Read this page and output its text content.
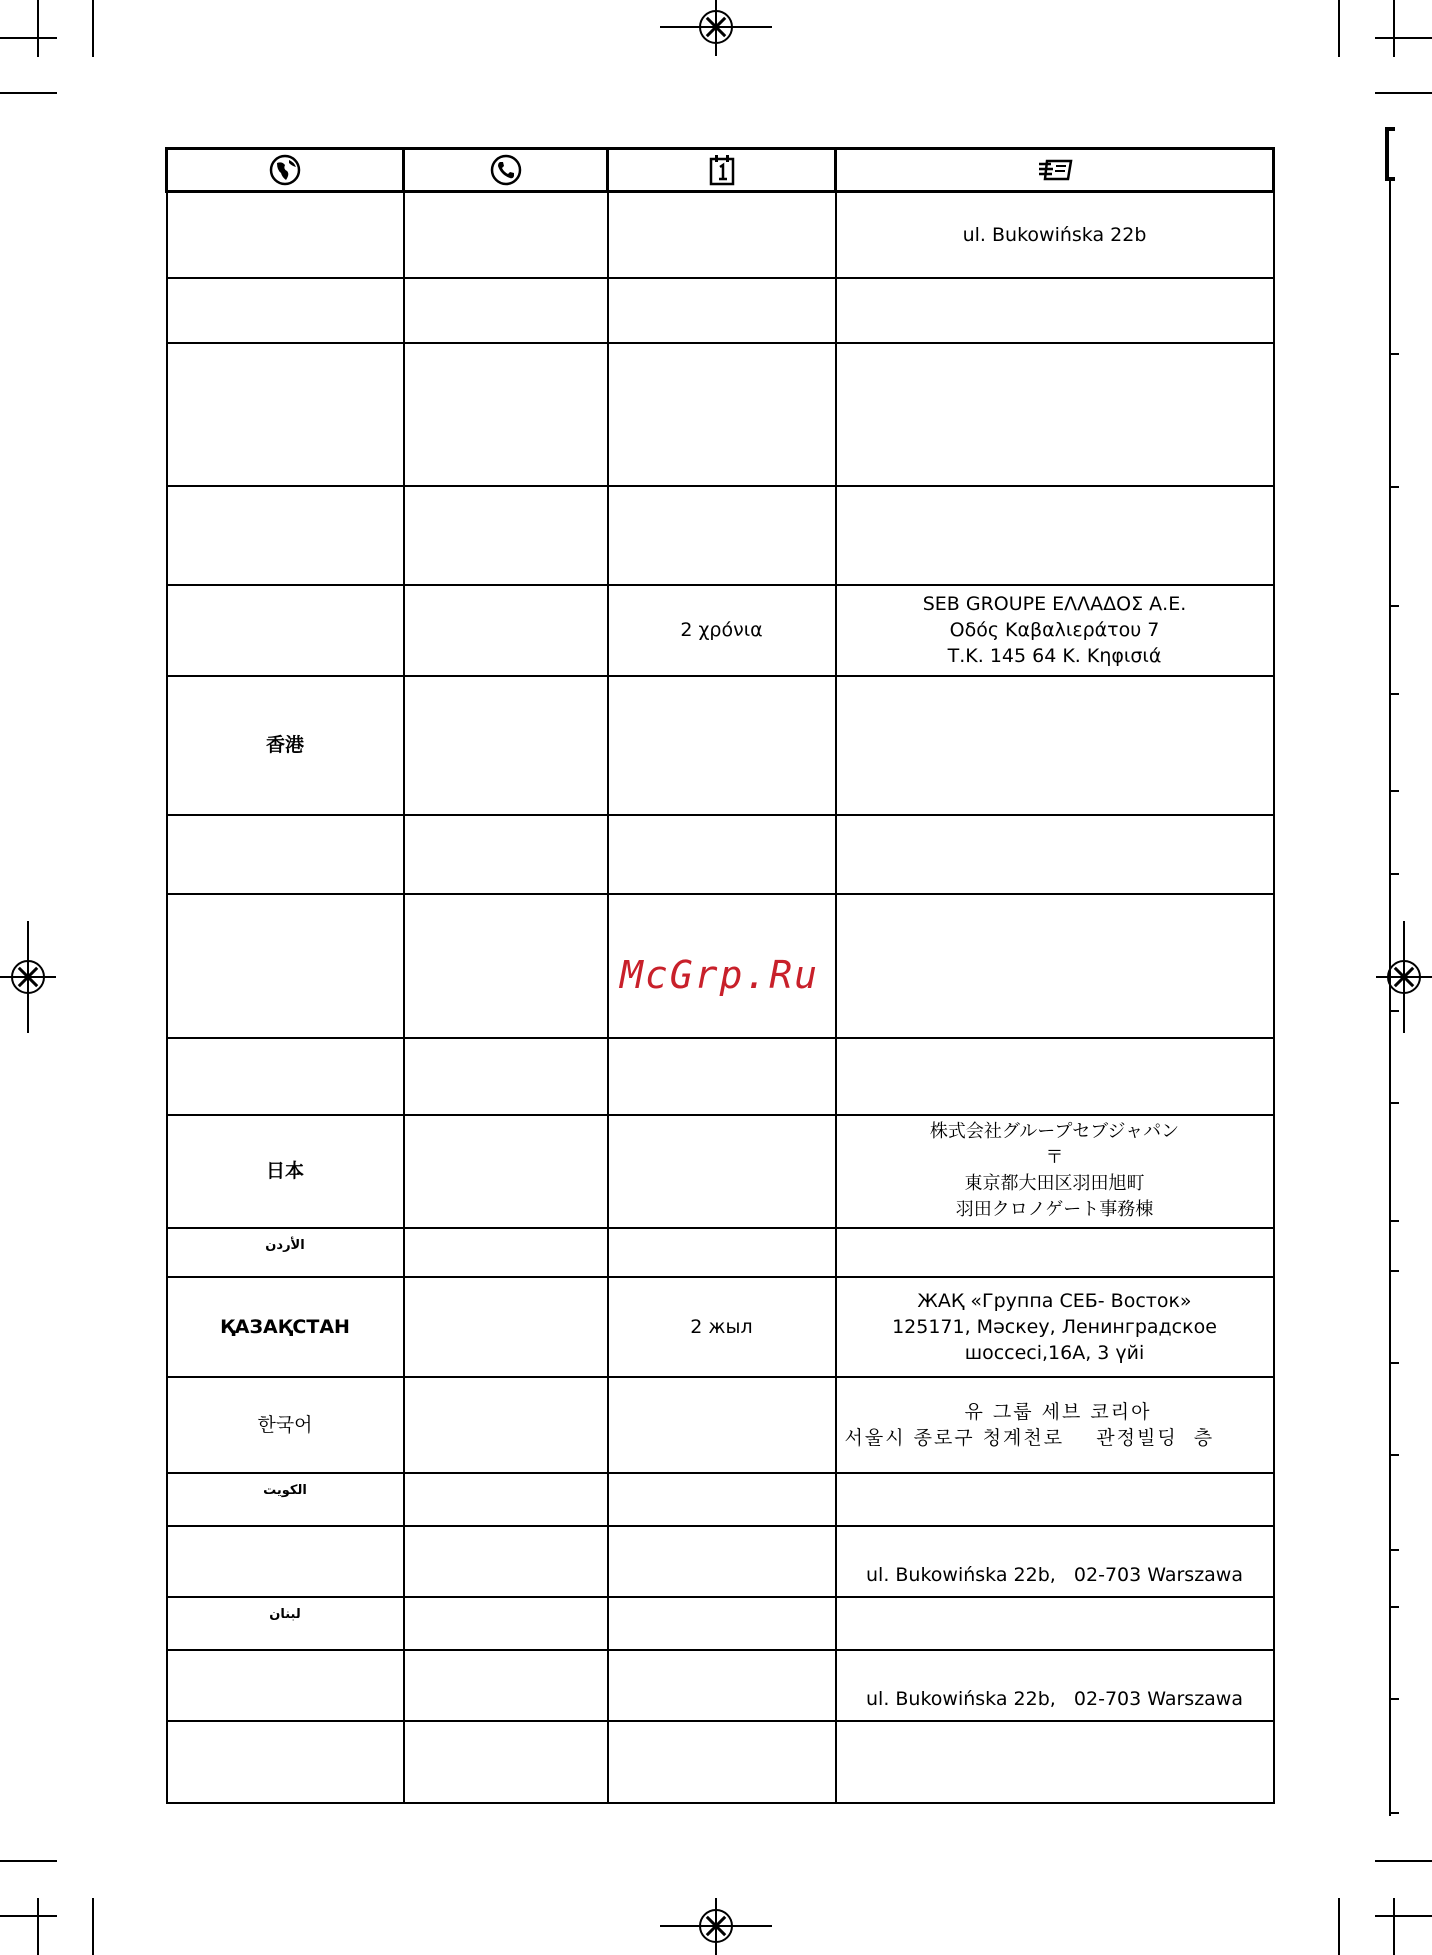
			ul. Bukowińska 22b

		2 χρόνια	SEB GROUPE ΕΛΛΑΔΟΣ Α.Ε.
Οδός Καβαλιεράτου 7
Τ.Κ. 145 64 Κ. Κηφισιά

香港			

日本			株式会社グループセブジャパン
〒
東京都大田区羽田旭町
羽田クロノゲート事務棟

الأردن			
ҚАЗАҚСТАН		2 жыл	ЖАҚ «Группа СЕБ- Восток»
125171, Мәскеу, Ленинградское
шоссесі,16А, 3 үйі

한국어			유 그룹 세브 코리아
서울시 종로구 청계천로    관정빌딩  층

الكويت			

			ul. Bukowińska 22b,   02-703 Warszawa

لبنان			

			ul. Bukowińska 22b,   02-703 Warszawa

McGrp.Ru
